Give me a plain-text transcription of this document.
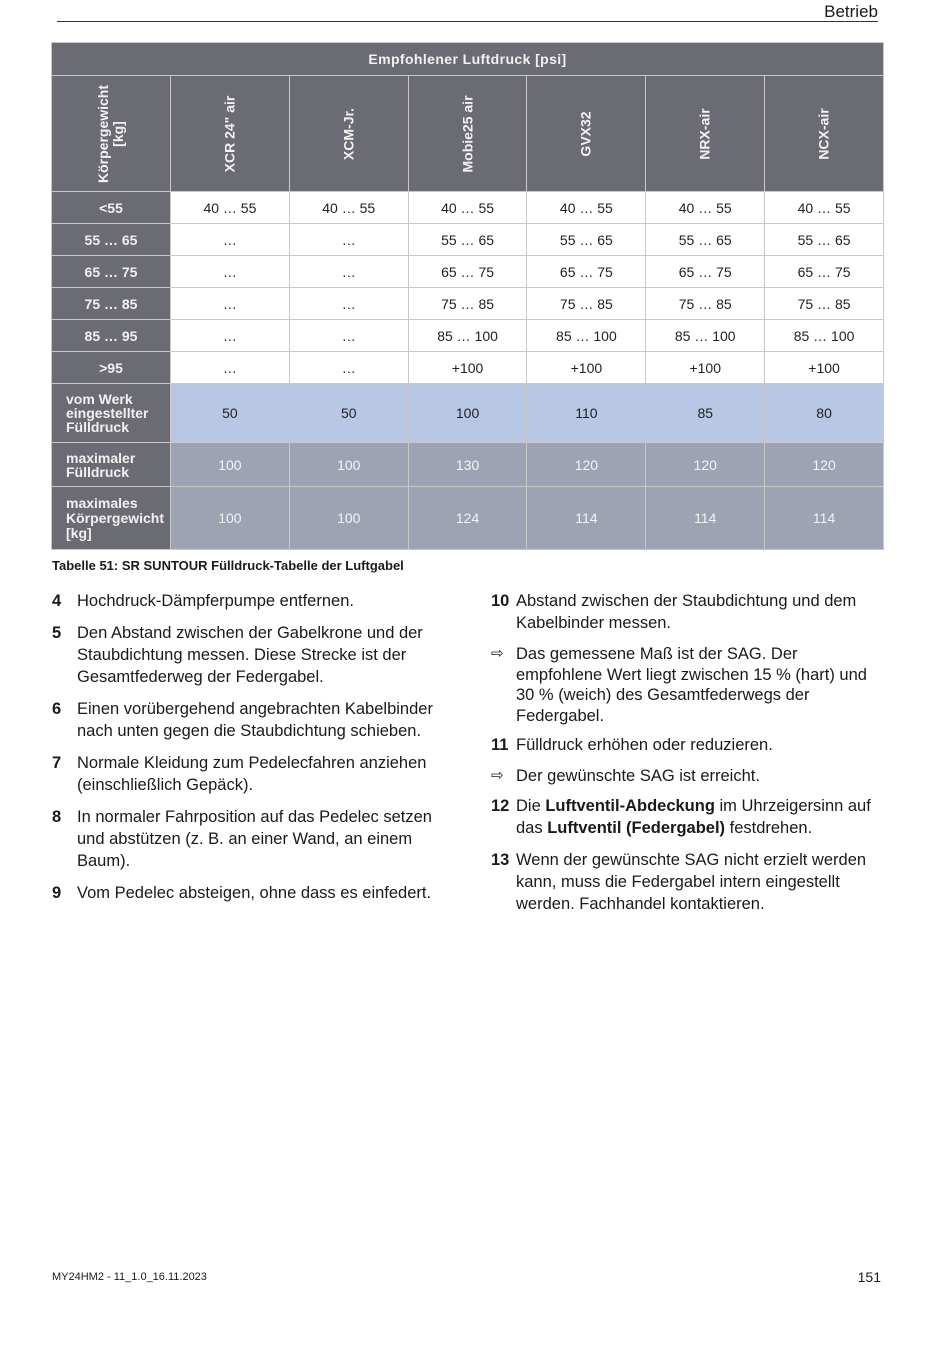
Betrieb
Empfohlener Luftdruck [psi]						

Körpergewicht [kg]	XCR 24" air	XCM-Jr.	Mobie25 air	GVX32	NRX-air	NCX-air

<55	40 … 55	40 … 55	40 … 55	40 … 55	40 … 55	40 … 55
55 … 65	…	…	55 … 65	55 … 65	55 … 65	55 … 65
65 … 75	…	…	65 … 75	65 … 75	65 … 75	65 … 75
75 … 85	…	…	75 … 85	75 … 85	75 … 85	75 … 85
85 … 95	…	…	85 … 100	85 … 100	85 … 100	85 … 100
>95	…	…	+100	+100	+100	+100
vom Werk
eingestellter
Fülldruck	50	50	100	110	85	80
maximaler
Fülldruck	100	100	130	120	120	120
maximales
Körpergewicht
[kg]	100	100	124	114	114	114
Tabelle 51: SR SUNTOUR Fülldruck-Tabelle der Luftgabel
4 Hochdruck-Dämpferpumpe entfernen.
5 Den Abstand zwischen der Gabelkrone und der Staubdichtung messen. Diese Strecke ist der Gesamtfederweg der Federgabel.
6 Einen vorübergehend angebrachten Kabelbinder nach unten gegen die Staubdichtung schieben.
7 Normale Kleidung zum Pedelecfahren anziehen (einschließlich Gepäck).
8 In normaler Fahrposition auf das Pedelec setzen und abstützen (z. B. an einer Wand, an einem Baum).
9 Vom Pedelec absteigen, ohne dass es einfedert.
10 Abstand zwischen der Staubdichtung und dem Kabelbinder messen.
⇨ Das gemessene Maß ist der SAG. Der empfohlene Wert liegt zwischen 15 % (hart) und 30 % (weich) des Gesamtfederwegs der Federgabel.
11 Fülldruck erhöhen oder reduzieren.
⇨ Der gewünschte SAG ist erreicht.
12 Die Luftventil-Abdeckung im Uhrzeigersinn auf das Luftventil (Federgabel) festdrehen.
13 Wenn der gewünschte SAG nicht erzielt werden kann, muss die Federgabel intern eingestellt werden. Fachhandel kontaktieren.
MY24HM2 - 11_1.0_16.11.2023	151
